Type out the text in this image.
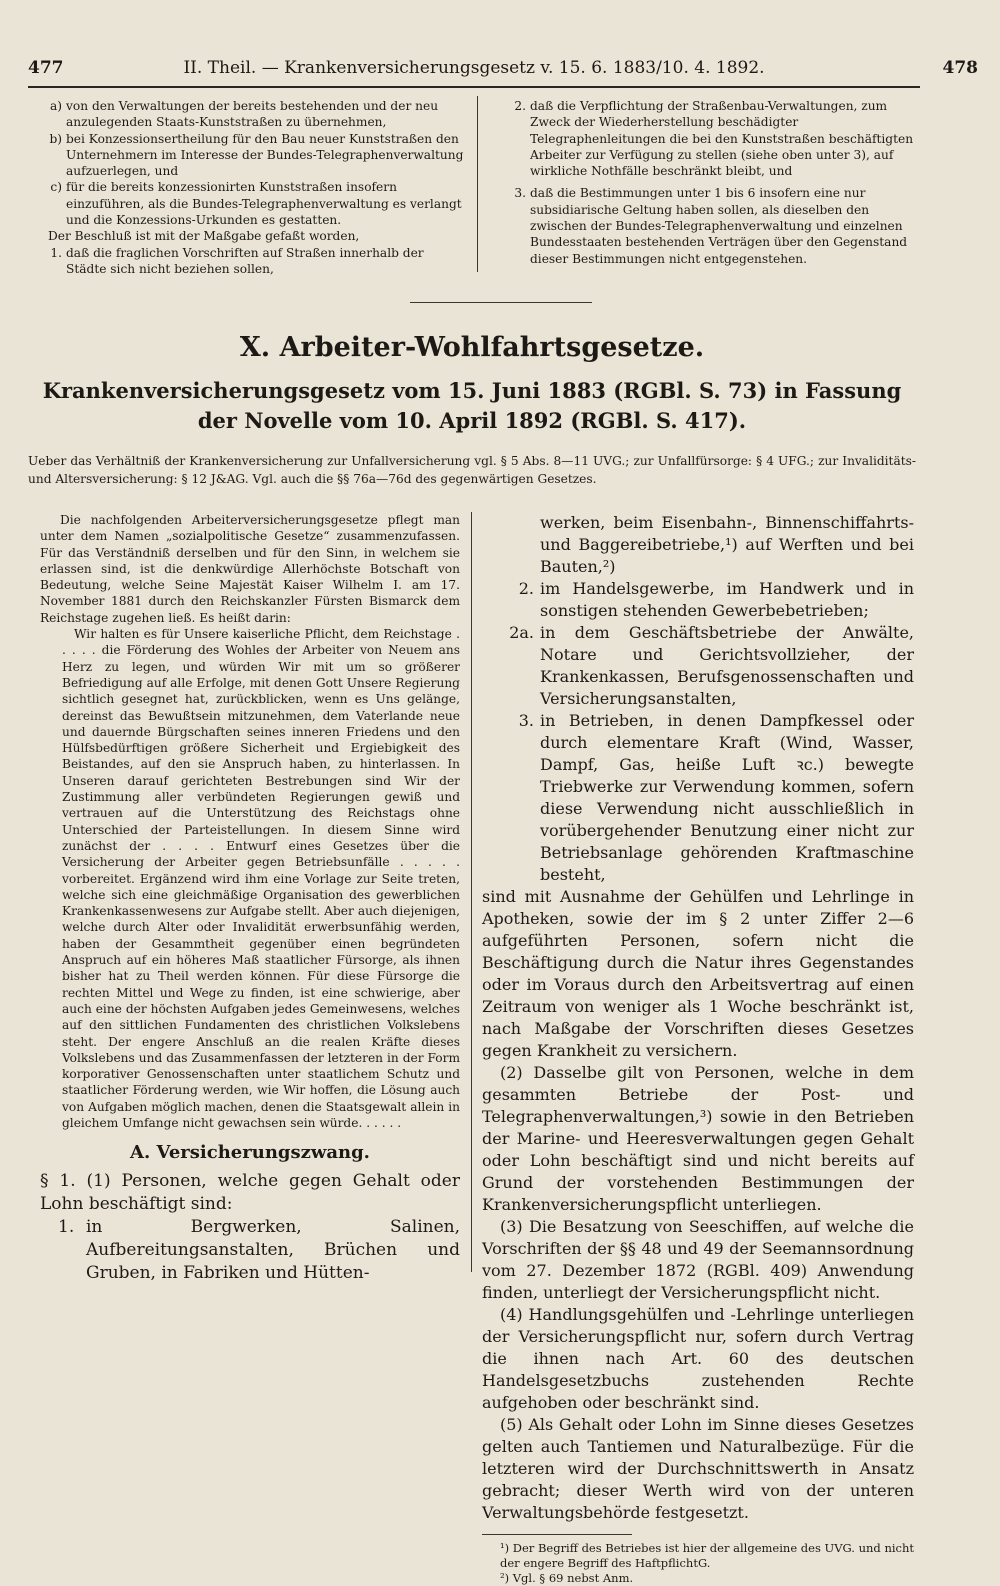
477	II. Theil. — Krankenversicherungsgesetz v. 15. 6. 1883/10. 4. 1892.	478
a) von den Verwaltungen der bereits bestehenden und der neu anzulegenden Staats-Kunststraßen zu übernehmen,
b) bei Konzessionsertheilung für den Bau neuer Kunststraßen den Unternehmern im Interesse der Bundes-Telegraphenverwaltung aufzuerlegen, und
c) für die bereits konzessionirten Kunststraßen insofern einzuführen, als die Bundes-Telegraphenverwaltung es verlangt und die Konzessions-Urkunden es gestatten.

Der Beschluß ist mit der Maßgabe gefaßt worden,

1. daß die fraglichen Vorschriften auf Straßen innerhalb der Städte sich nicht beziehen sollen,
2. daß die Verpflichtung der Straßenbau-Verwaltungen, zum Zweck der Wiederherstellung beschädigter Telegraphenleitungen die bei den Kunststraßen beschäftigten Arbeiter zur Verfügung zu stellen (siehe oben unter 3), auf wirkliche Nothfälle beschränkt bleibt, und
3. daß die Bestimmungen unter 1 bis 6 insofern eine nur subsidiarische Geltung haben sollen, als dieselben den zwischen der Bundes-Telegraphenverwaltung und einzelnen Bundesstaaten bestehenden Verträgen über den Gegenstand dieser Bestimmungen nicht entgegenstehen.
X. Arbeiter-Wohlfahrtsgesetze.
Krankenversicherungsgesetz vom 15. Juni 1883 (RGBl. S. 73) in Fassung der Novelle vom 10. April 1892 (RGBl. S. 417).
Ueber das Verhältniß der Krankenversicherung zur Unfallversicherung vgl. § 5 Abs. 8—11 UVG.; zur Unfallfürsorge: § 4 UFG.; zur Invaliditäts- und Altersversicherung: § 12 J&AG. Vgl. auch die §§ 76a—76d des gegenwärtigen Gesetzes.

Die nachfolgenden Arbeiterversicherungsgesetze pflegt man unter dem Namen „sozialpolitische Gesetze“ zusammenzufassen. Für das Verständniß derselben und für den Sinn, in welchem sie erlassen sind, ist die denkwürdige Allerhöchste Botschaft von Bedeutung, welche Seine Majestät Kaiser Wilhelm I. am 17. November 1881 durch den Reichskanzler Fürsten Bismarck dem Reichstage zugehen ließ. Es heißt darin:

Wir halten es für Unsere kaiserliche Pflicht, dem Reichstage . . . . . die Förderung des Wohles der Arbeiter von Neuem ans Herz zu legen, und würden Wir mit um so größerer Befriedigung auf alle Erfolge, mit denen Gott Unsere Regierung sichtlich gesegnet hat, zurückblicken, wenn es Uns gelänge, dereinst das Bewußtsein mitzunehmen, dem Vaterlande neue und dauernde Bürgschaften seines inneren Friedens und den Hülfsbedürftigen größere Sicherheit und Ergiebigkeit des Beistandes, auf den sie Anspruch haben, zu hinterlassen. In Unseren darauf gerichteten Bestrebungen sind Wir der Zustimmung aller verbündeten Regierungen gewiß und vertrauen auf die Unterstützung des Reichstags ohne Unterschied der Parteistellungen. In diesem Sinne wird zunächst der . . . . Entwurf eines Gesetzes über die Versicherung der Arbeiter gegen Betriebsunfälle . . . . . vorbereitet. Ergänzend wird ihm eine Vorlage zur Seite treten, welche sich eine gleichmäßige Organisation des gewerblichen Krankenkassenwesens zur Aufgabe stellt. Aber auch diejenigen, welche durch Alter oder Invalidität erwerbsunfähig werden, haben der Gesammtheit gegenüber einen begründeten Anspruch auf ein höheres Maß staatlicher Fürsorge, als ihnen bisher hat zu Theil werden können. Für diese Fürsorge die rechten Mittel und Wege zu finden, ist eine schwierige, aber auch eine der höchsten Aufgaben jedes Gemeinwesens, welches auf den sittlichen Fundamenten des christlichen Volkslebens steht. Der engere Anschluß an die realen Kräfte dieses Volkslebens und das Zusammenfassen der letzteren in der Form korporativer Genossenschaften unter staatlichem Schutz und staatlicher Förderung werden, wie Wir hoffen, die Lösung auch von Aufgaben möglich machen, denen die Staatsgewalt allein in gleichem Umfange nicht gewachsen sein würde. . . . . .

A. Versicherungszwang.

§ 1. (1) Personen, welche gegen Gehalt oder Lohn beschäftigt sind:

1. in Bergwerken, Salinen, Aufbereitungsanstalten, Brüchen und Gruben, in Fabriken und Hütten-

werken, beim Eisenbahn-, Binnenschiffahrts- und Baggereibetriebe,¹) auf Werften und bei Bauten,²)

2. im Handelsgewerbe, im Handwerk und in sonstigen stehenden Gewerbebetrieben;
2a. in dem Geschäftsbetriebe der Anwälte, Notare und Gerichtsvollzieher, der Krankenkassen, Berufsgenossenschaften und Versicherungsanstalten,
3. in Betrieben, in denen Dampfkessel oder durch elementare Kraft (Wind, Wasser, Dampf, Gas, heiße Luft ꝛc.) bewegte Triebwerke zur Verwendung kommen, sofern diese Verwendung nicht ausschließlich in vorübergehender Benutzung einer nicht zur Betriebsanlage gehörenden Kraftmaschine besteht,

sind mit Ausnahme der Gehülfen und Lehrlinge in Apotheken, sowie der im § 2 unter Ziffer 2—6 aufgeführten Personen, sofern nicht die Beschäftigung durch die Natur ihres Gegenstandes oder im Voraus durch den Arbeitsvertrag auf einen Zeitraum von weniger als 1 Woche beschränkt ist, nach Maßgabe der Vorschriften dieses Gesetzes gegen Krankheit zu versichern.

(2) Dasselbe gilt von Personen, welche in dem gesammten Betriebe der Post- und Telegraphenverwaltungen,³) sowie in den Betrieben der Marine- und Heeresverwaltungen gegen Gehalt oder Lohn beschäftigt sind und nicht bereits auf Grund der vorstehenden Bestimmungen der Krankenversicherungspflicht unterliegen.

(3) Die Besatzung von Seeschiffen, auf welche die Vorschriften der §§ 48 und 49 der Seemannsordnung vom 27. Dezember 1872 (RGBl. 409) Anwendung finden, unterliegt der Versicherungspflicht nicht.

(4) Handlungsgehülfen und -Lehrlinge unterliegen der Versicherungspflicht nur, sofern durch Vertrag die ihnen nach Art. 60 des deutschen Handelsgesetzbuchs zustehenden Rechte aufgehoben oder beschränkt sind.

(5) Als Gehalt oder Lohn im Sinne dieses Gesetzes gelten auch Tantiemen und Naturalbezüge. Für die letzteren wird der Durchschnittswerth in Ansatz gebracht; dieser Werth wird von der unteren Verwaltungsbehörde festgesetzt.

¹) Der Begriff des Betriebes ist hier der allgemeine des UVG. und nicht der engere Begriff des HaftpflichtG.

²) Vgl. § 69 nebst Anm.
